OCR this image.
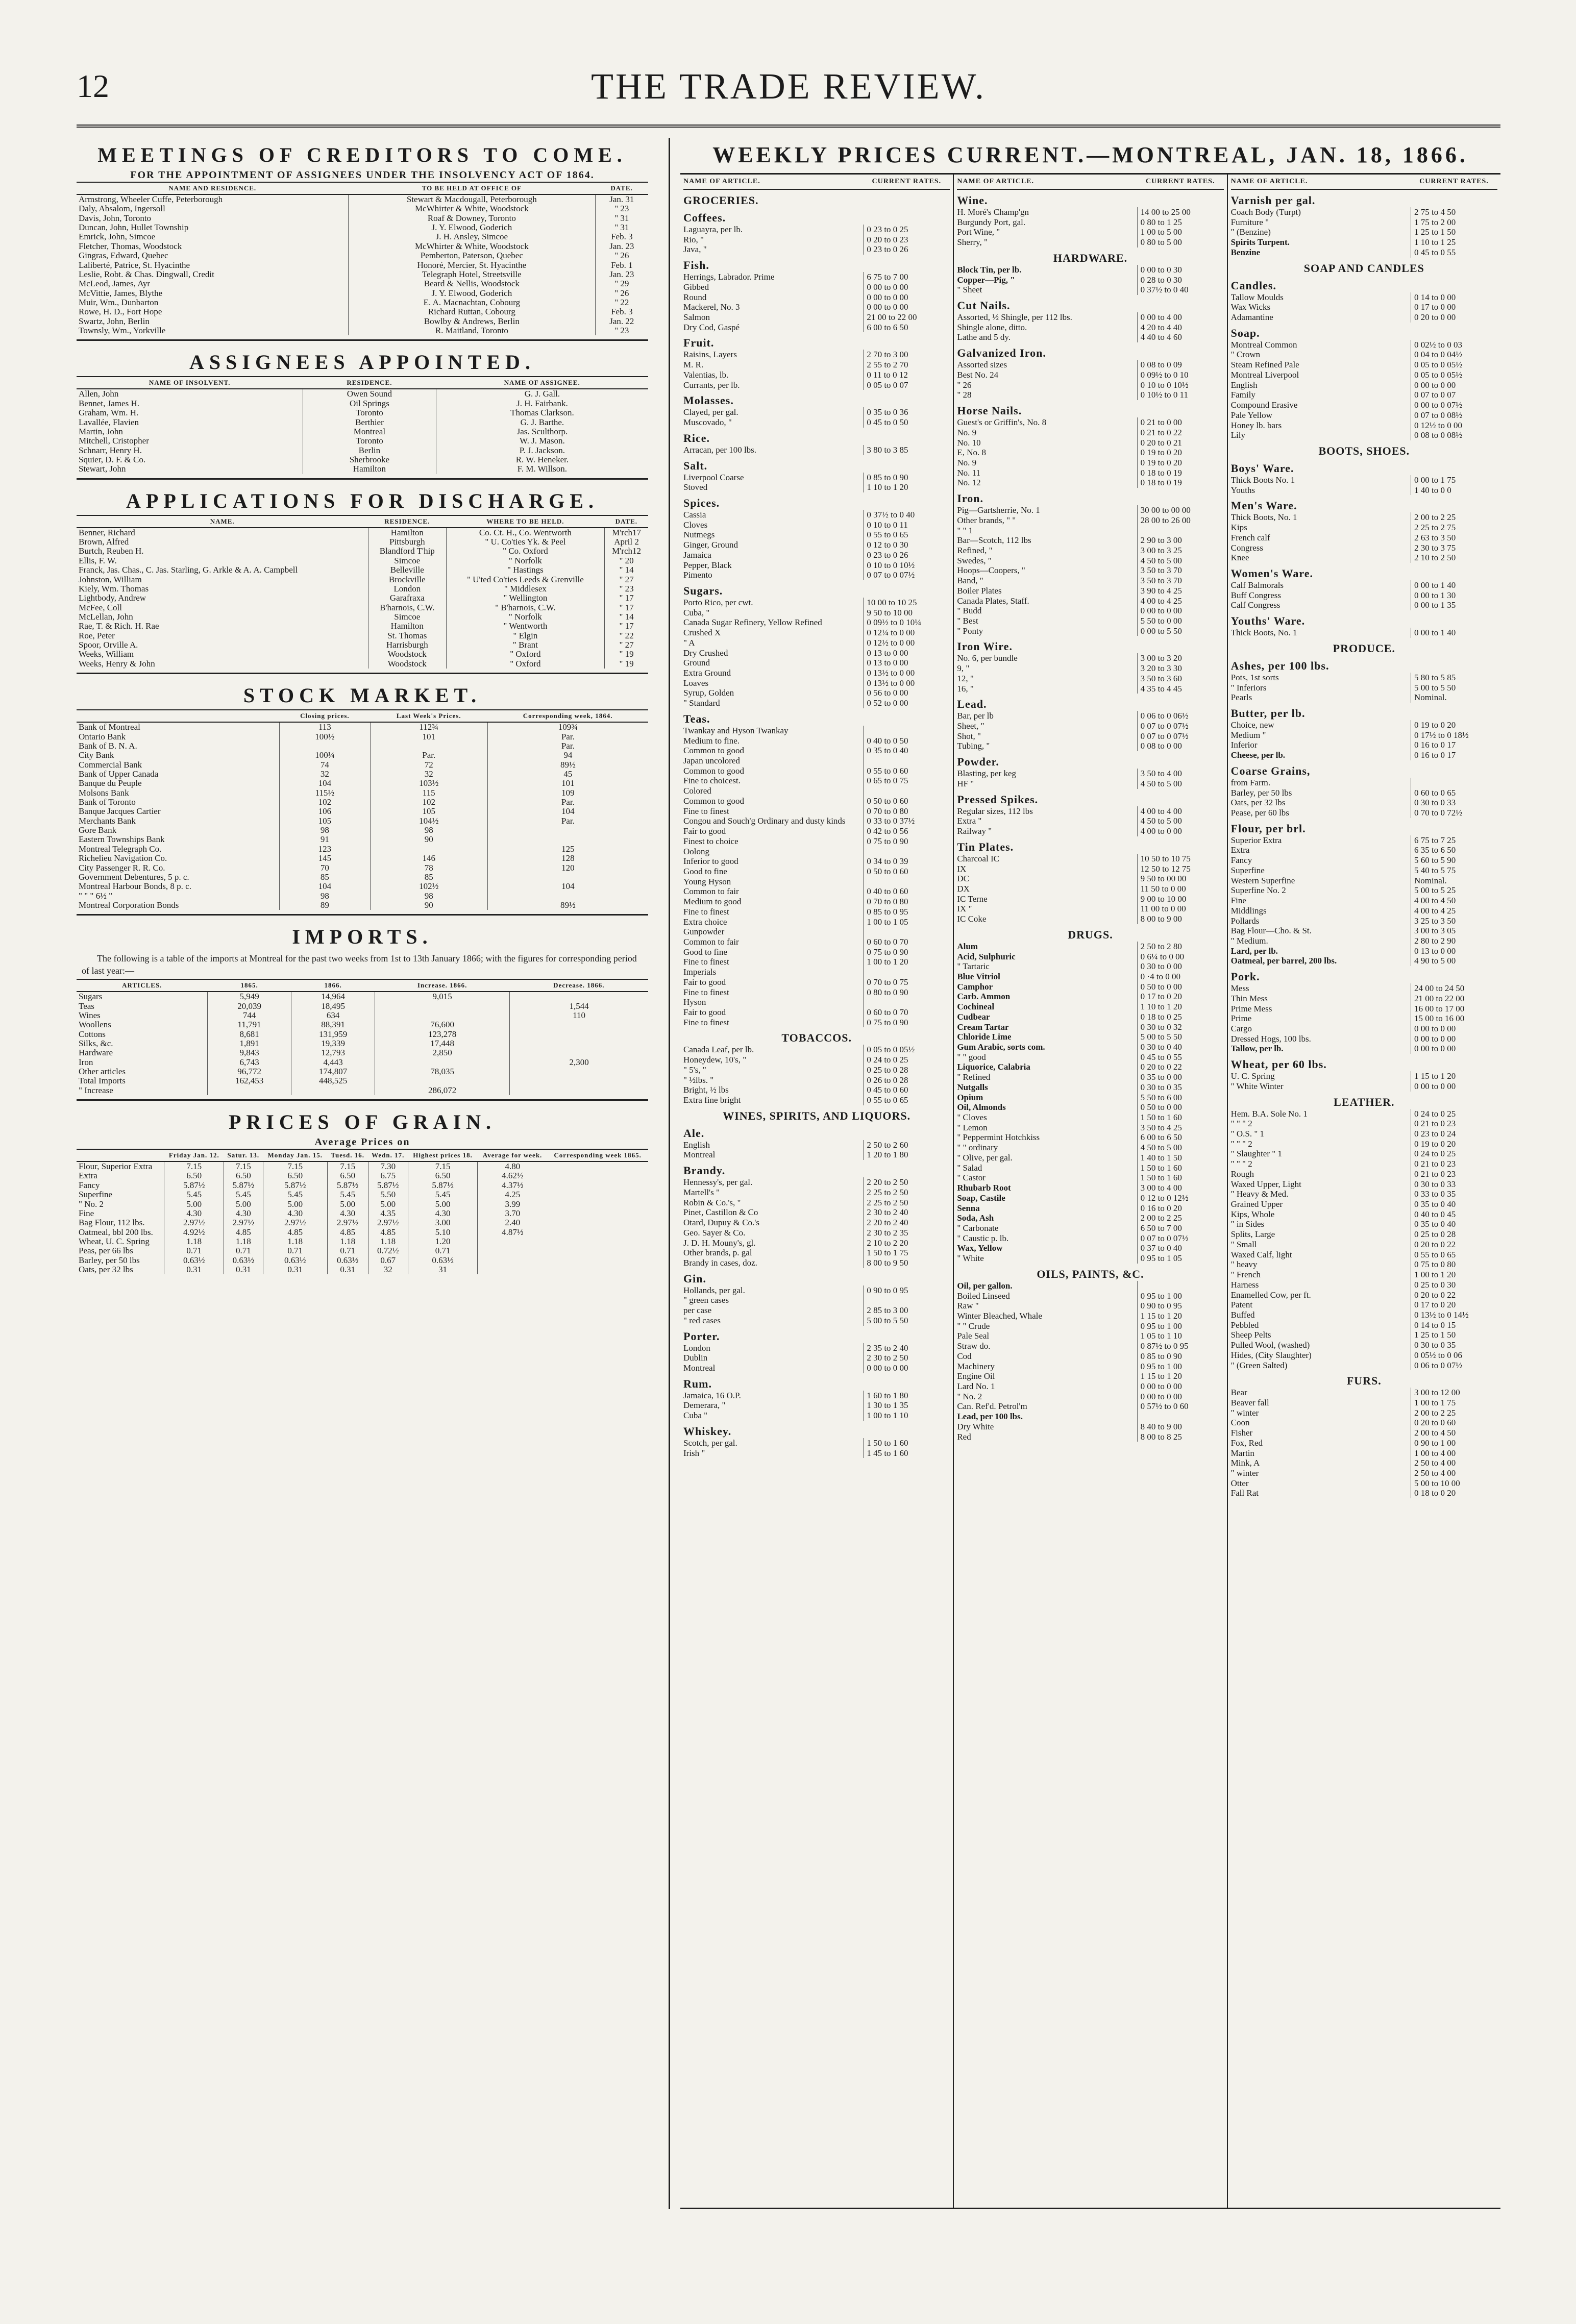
12	THE TRADE REVIEW.
MEETINGS OF CREDITORS TO COME.
FOR THE APPOINTMENT OF ASSIGNEES UNDER THE INSOLVENCY ACT OF 1864.
NAME AND RESIDENCE.	TO BE HELD AT OFFICE OF	DATE.
Armstrong, Wheeler Cuffe, Peterborough	Stewart & Macdougall, Peterborough	Jan. 31
Daly, Absalom, Ingersoll	McWhirter & White, Woodstock	" 23
Davis, John, Toronto	Roaf & Downey, Toronto	" 31
Duncan, John, Hullet Township	J. Y. Elwood, Goderich	" 31
Emrick, John, Simcoe	J. H. Ansley, Simcoe	Feb. 3
Fletcher, Thomas, Woodstock	McWhirter & White, Woodstock	Jan. 23
Gingras, Edward, Quebec	Pemberton, Paterson, Quebec	" 26
Laliberté, Patrice, St. Hyacinthe	Honoré, Mercier, St. Hyacinthe	Feb. 1
Leslie, Robt. & Chas. Dingwall, Credit	Telegraph Hotel, Streetsville	Jan. 23
McLeod, James, Ayr	Beard & Nellis, Woodstock	" 29
McVittie, James, Blythe	J. Y. Elwood, Goderich	" 26
Muir, Wm., Dunbarton	E. A. Macnachtan, Cobourg	" 22
Rowe, H. D., Fort Hope	Richard Ruttan, Cobourg	Feb. 3
Swartz, John, Berlin	Bowlby & Andrews, Berlin	Jan. 22
Townsly, Wm., Yorkville	R. Maitland, Toronto	" 23
ASSIGNEES APPOINTED.
NAME OF INSOLVENT.	RESIDENCE.	NAME OF ASSIGNEE.
Allen, John	Owen Sound	G. J. Gall.
Bennet, James H.	Oil Springs	J. H. Fairbank.
Graham, Wm. H.	Toronto	Thomas Clarkson.
Lavallée, Flavien	Berthier	G. J. Barthe.
Martin, John	Montreal	Jas. Sculthorp.
Mitchell, Cristopher	Toronto	W. J. Mason.
Schnarr, Henry H.	Berlin	P. J. Jackson.
Squier, D. F. & Co.	Sherbrooke	R. W. Heneker.
Stewart, John	Hamilton	F. M. Willson.
APPLICATIONS FOR DISCHARGE.
NAME.	RESIDENCE.	WHERE TO BE HELD.	DATE.
Benner, Richard	Hamilton	Co. Ct. H., Co. Wentworth	M'rch17
Brown, Alfred	Pittsburgh	" U. Co'ties Yk. & Peel	April 2
Burtch, Reuben H.	Blandford T'hip	" Co. Oxford	M'rch12
Ellis, F. W.	Simcoe	" Norfolk	" 20
Franck, Jas. Chas., C. Jas. Starling, G. Arkle & A. A. Campbell	Belleville	" Hastings	" 14
Johnston, William	Brockville	" U'ted Co'ties Leeds & Grenville	" 27
Kiely, Wm. Thomas	London	" Middlesex	" 23
Lightbody, Andrew	Garafraxa	" Wellington	" 17
McFee, Coll	B'harnois, C.W.	" B'harnois, C.W.	" 17
McLellan, John	Simcoe	" Norfolk	" 14
Rae, T. & Rich. H. Rae	Hamilton	" Wentworth	" 17
Roe, Peter	St. Thomas	" Elgin	" 22
Spoor, Orville A.	Harrisburgh	" Brant	" 27
Weeks, William	Woodstock	" Oxford	" 19
Weeks, Henry & John	Woodstock	" Oxford	" 19
STOCK MARKET.
	Closing prices.	Last Week's Prices.	Corresponding week, 1864.
Bank of Montreal	113	112¾	109¾
Ontario Bank	100½	101	Par.
Bank of B. N. A.			Par.
City Bank	100¼	Par.	94
Commercial Bank	74	72	89½
Bank of Upper Canada	32	32	45
Banque du Peuple	104	103½	101
Molsons Bank	115½	115	109
Bank of Toronto	102	102	Par.
Banque Jacques Cartier	106	105	104
Merchants Bank	105	104½	Par.
Gore Bank	98	98	
Eastern Townships Bank	91	90	
Montreal Telegraph Co.	123		125
Richelieu Navigation Co.	145	146	128
City Passenger R. R. Co.	70	78	120
Government Debentures, 5 p. c.	85	85	
Montreal Harbour Bonds, 8 p. c.	104	102½	104
" " " 6½ "	98	98	
Montreal Corporation Bonds	89	90	89½
IMPORTS.
The following is a table of the imports at Montreal for the past two weeks from 1st to 13th January 1866; with the figures for corresponding period of last year:—
ARTICLES.	1865.	1866.	Increase. 1866.	Decrease. 1866.
Sugars	5,949	14,964	9,015	
Teas	20,039	18,495		1,544
Wines	744	634		110
Woollens	11,791	88,391	76,600	
Cottons	8,681	131,959	123,278	
Silks, &c.	1,891	19,339	17,448	
Hardware	9,843	12,793	2,850	
Iron	6,743	4,443		2,300
Other articles	96,772	174,807	78,035	
Total Imports	162,453	448,525		
" Increase			286,072	
PRICES OF GRAIN.
Average Prices on
	Friday Jan. 12.	Satur. 13.	Monday Jan. 15.	Tuesd. 16.	Wedn. 17.	Highest prices 18.	Average for week.	Corresponding week 1865.
Flour, Superior Extra	7.15	7.15	7.15	7.15	7.30	7.15	4.80	
Extra	6.50	6.50	6.50	6.50	6.75	6.50	4.62½	
Fancy	5.87½	5.87½	5.87½	5.87½	5.87½	5.87½	4.37½	
Superfine	5.45	5.45	5.45	5.45	5.50	5.45	4.25	
" No. 2	5.00	5.00	5.00	5.00	5.00	5.00	3.99	
Fine	4.30	4.30	4.30	4.30	4.35	4.30	3.70	
Bag Flour, 112 lbs.	2.97½	2.97½	2.97½	2.97½	2.97½	3.00	2.40	
Oatmeal, bbl 200 lbs.	4.92½	4.85	4.85	4.85	4.85	5.10	4.87½	
Wheat, U. C. Spring	1.18	1.18	1.18	1.18	1.18	1.20		
Peas, per 66 lbs	0.71	0.71	0.71	0.71	0.72½	0.71		
Barley, per 50 lbs	0.63½	0.63½	0.63½	0.63½	0.67	0.63½		
Oats, per 32 lbs	0.31	0.31	0.31	0.31	32	31		
WEEKLY PRICES CURRENT.—MONTREAL, JAN. 18, 1866.
NAME OF ARTICLE.	CURRENT RATES.
GROCERIES.
Coffees.
Laguayra, per lb.	0 23 to 0 25
Rio, "	0 20 to 0 23
Java, "	0 23 to 0 26
Fish.
Herrings, Labrador. Prime	6 75 to 7 00
Gibbed	0 00 to 0 00
Round	0 00 to 0 00
Mackerel, No. 3	0 00 to 0 00
Salmon	21 00 to 22 00
Dry Cod, Gaspé	6 00 to 6 50
Fruit.
Raisins, Layers	2 70 to 3 00
M. R.	2 55 to 2 70
Valentias, lb.	0 11 to 0 12
Currants, per lb.	0 05 to 0 07
Molasses.
Clayed, per gal.	0 35 to 0 36
Muscovado, "	0 45 to 0 50
Rice.
Arracan, per 100 lbs.	3 80 to 3 85
Salt.
Liverpool Coarse	0 85 to 0 90
Stoved	1 10 to 1 20
Spices.
Cassia	0 37½ to 0 40
Cloves	0 10 to 0 11
Nutmegs	0 55 to 0 65
Ginger, Ground	0 12 to 0 30
Jamaica	0 23 to 0 26
Pepper, Black	0 10 to 0 10½
Pimento	0 07 to 0 07½
Sugars.
Porto Rico, per cwt.	10 00 to 10 25
Cuba, "	9 50 to 10 00
Canada Sugar Refinery, Yellow Refined	0 09½ to 0 10¼
Crushed X	0 12¼ to 0 00
" A	0 12½ to 0 00
Dry Crushed	0 13 to 0 00
Ground	0 13 to 0 00
Extra Ground	0 13½ to 0 00
Loaves	0 13½ to 0 00
Syrup, Golden	0 56 to 0 00
" Standard	0 52 to 0 00
Teas.
Twankay and Hyson Twankay
Medium to fine.	0 40 to 0 50
Common to good	0 35 to 0 40
Japan uncolored
Common to good	0 55 to 0 60
Fine to choicest.	0 65 to 0 75
Colored
Common to good	0 50 to 0 60
Fine to finest	0 70 to 0 80
Congou and Souch'g Ordinary and dusty kinds	0 33 to 0 37½
Fair to good	0 42 to 0 56
Finest to choice	0 75 to 0 90
Oolong
Inferior to good	0 34 to 0 39
Good to fine	0 50 to 0 60
Young Hyson
Common to fair	0 40 to 0 60
Medium to good	0 70 to 0 80
Fine to finest	0 85 to 0 95
Extra choice	1 00 to 1 05
Gunpowder
Common to fair	0 60 to 0 70
Good to fine	0 75 to 0 90
Fine to finest	1 00 to 1 20
Imperials
Fair to good	0 70 to 0 75
Fine to finest	0 80 to 0 90
Hyson
Fair to good	0 60 to 0 70
Fine to finest	0 75 to 0 90
TOBACCOS.
Canada Leaf, per lb.	0 05 to 0 05½
Honeydew, 10's, "	0 24 to 0 25
" 5's, "	0 25 to 0 28
" ½lbs. "	0 26 to 0 28
Bright, ½ lbs	0 45 to 0 60
Extra fine bright	0 55 to 0 65
WINES, SPIRITS, AND LIQUORS.
Ale.
English	2 50 to 2 60
Montreal	1 20 to 1 80
Brandy.
Hennessy's, per gal.	2 20 to 2 50
Martell's "	2 25 to 2 50
Robin & Co.'s, "	2 25 to 2 50
Pinet, Castillon & Co	2 30 to 2 40
Otard, Dupuy & Co.'s	2 20 to 2 40
Geo. Sayer & Co.	2 30 to 2 35
J. D. H. Mouny's, gl.	2 10 to 2 20
Other brands, p. gal	1 50 to 1 75
Brandy in cases, doz.	8 00 to 9 50
Gin.
Hollands, per gal.	0 90 to 0 95
" green cases
per case	2 85 to 3 00
" red cases	5 00 to 5 50
Porter.
London	2 35 to 2 40
Dublin	2 30 to 2 50
Montreal	0 00 to 0 00
Rum.
Jamaica, 16 O.P.	1 60 to 1 80
Demerara, "	1 30 to 1 35
Cuba "	1 00 to 1 10
Whiskey.
Scotch, per gal.	1 50 to 1 60
Irish "	1 45 to 1 60
NAME OF ARTICLE.	CURRENT RATES.
Wine.
H. Moré's Champ'gn	14 00 to 25 00
Burgundy Port, gal.	0 80 to 1 25
Port Wine, "	1 00 to 5 00
Sherry, "	0 80 to 5 00
HARDWARE.
Block Tin, per lb.	0 00 to 0 30
Copper—Pig, "	0 28 to 0 30
" Sheet	0 37½ to 0 40
Cut Nails.
Assorted, ½ Shingle, per 112 lbs.	0 00 to 4 00
Shingle alone, ditto.	4 20 to 4 40
Lathe and 5 dy.	4 40 to 4 60
Galvanized Iron.
Assorted sizes	0 08 to 0 09
Best No. 24	0 09½ to 0 10
" 26	0 10 to 0 10½
" 28	0 10½ to 0 11
Horse Nails.
Guest's or Griffin's, No. 8	0 21 to 0 00
No. 9	0 21 to 0 22
No. 10	0 20 to 0 21
E, No. 8	0 19 to 0 20
No. 9	0 19 to 0 20
No. 11	0 18 to 0 19
No. 12	0 18 to 0 19
Iron.
Pig—Gartsherrie, No. 1	30 00 to 00 00
Other brands, " "	28 00 to 26 00
" " 1
Bar—Scotch, 112 lbs	2 90 to 3 00
Refined, "	3 00 to 3 25
Swedes, "	4 50 to 5 00
Hoops—Coopers, "	3 50 to 3 70
Band, "	3 50 to 3 70
Boiler Plates	3 90 to 4 25
Canada Plates, Staff.	4 00 to 4 25
" Budd	0 00 to 0 00
" Best	5 50 to 0 00
" Ponty	0 00 to 5 50
Iron Wire.
No. 6, per bundle	3 00 to 3 20
9, "	3 20 to 3 30
12, "	3 50 to 3 60
16, "	4 35 to 4 45
Lead.
Bar, per lb	0 06 to 0 06½
Sheet, "	0 07 to 0 07½
Shot, "	0 07 to 0 07½
Tubing, "	0 08 to 0 00
Powder.
Blasting, per keg	3 50 to 4 00
HF "	4 50 to 5 00
Pressed Spikes.
Regular sizes, 112 lbs	4 00 to 4 00
Extra "	4 50 to 5 00
Railway "	4 00 to 0 00
Tin Plates.
Charcoal IC	10 50 to 10 75
IX	12 50 to 12 75
DC	9 50 to 00 00
DX	11 50 to 0 00
IC Terne	9 00 to 10 00
IX "	11 00 to 0 00
IC Coke	8 00 to 9 00
DRUGS.
Alum	2 50 to 2 80
Acid, Sulphuric	0 6¼ to 0 00
" Tartaric	0 30 to 0 00
Blue Vitriol	0 ·4 to 0 00
Camphor	0 50 to 0 00
Carb. Ammon	0 17 to 0 20
Cochineal	1 10 to 1 20
Cudbear	0 18 to 0 25
Cream Tartar	0 30 to 0 32
Chloride Lime	5 00 to 5 50
Gum Arabic, sorts com.	0 30 to 0 40
" " good	0 45 to 0 55
Liquorice, Calabria	0 20 to 0 22
" Refined	0 35 to 0 00
Nutgalls	0 30 to 0 35
Opium	5 50 to 6 00
Oil, Almonds	0 50 to 0 00
" Cloves	1 50 to 1 60
" Lemon	3 50 to 4 25
" Peppermint Hotchkiss	6 00 to 6 50
" " ordinary	4 50 to 5 00
" Olive, per gal.	1 40 to 1 50
" Salad	1 50 to 1 60
" Castor	1 50 to 1 60
Rhubarb Root	3 00 to 4 00
Soap, Castile	0 12 to 0 12½
Senna	0 16 to 0 20
Soda, Ash	2 00 to 2 25
" Carbonate	6 50 to 7 00
" Caustic p. lb.	0 07 to 0 07½
Wax, Yellow	0 37 to 0 40
" White	0 95 to 1 05
OILS, PAINTS, &C.
Oil, per gallon.
Boiled Linseed	0 95 to 1 00
Raw "	0 90 to 0 95
Winter Bleached, Whale	1 15 to 1 20
" " Crude	0 95 to 1 00
Pale Seal	1 05 to 1 10
Straw do.	0 87½ to 0 95
Cod	0 85 to 0 90
Machinery	0 95 to 1 00
Engine Oil	1 15 to 1 20
Lard No. 1	0 00 to 0 00
" No. 2	0 00 to 0 00
Can. Ref'd. Petrol'm	0 57½ to 0 60
Lead, per 100 lbs.
Dry White	8 40 to 9 00
Red	8 00 to 8 25
NAME OF ARTICLE.	CURRENT RATES.
Varnish per gal.
Coach Body (Turpt)	2 75 to 4 50
Furniture "	1 75 to 2 00
" (Benzine)	1 25 to 1 50
Spirits Turpent.	1 10 to 1 25
Benzine	0 45 to 0 55
SOAP AND CANDLES
Candles.
Tallow Moulds	0 14 to 0 00
Wax Wicks	0 17 to 0 00
Adamantine	0 20 to 0 00
Soap.
Montreal Common	0 02½ to 0 03
" Crown	0 04 to 0 04½
Steam Refined Pale	0 05 to 0 05½
Montreal Liverpool	0 05 to 0 05½
English	0 00 to 0 00
Family	0 07 to 0 07
Compound Erasive	0 00 to 0 07½
Pale Yellow	0 07 to 0 08½
Honey lb. bars	0 12½ to 0 00
Lily	0 08 to 0 08½
BOOTS, SHOES.
Boys' Ware.
Thick Boots No. 1	0 00 to 1 75
Youths	1 40 to 0 0
Men's Ware.
Thick Boots, No. 1	2 00 to 2 25
Kips	2 25 to 2 75
French calf	2 63 to 3 50
Congress	2 30 to 3 75
Knee	2 10 to 2 50
Women's Ware.
Calf Balmorals	0 00 to 1 40
Buff Congress	0 00 to 1 30
Calf Congress	0 00 to 1 35
Youths' Ware.
Thick Boots, No. 1	0 00 to 1 40
PRODUCE.
Ashes, per 100 lbs.
Pots, 1st sorts	5 80 to 5 85
" Inferiors	5 00 to 5 50
Pearls	Nominal.
Butter, per lb.
Choice, new	0 19 to 0 20
Medium "	0 17½ to 0 18½
Inferior	0 16 to 0 17
Cheese, per lb.	0 16 to 0 17
Coarse Grains,
from Farm.
Barley, per 50 lbs	0 60 to 0 65
Oats, per 32 lbs	0 30 to 0 33
Pease, per 60 lbs	0 70 to 0 72½
Flour, per brl.
Superior Extra	6 75 to 7 25
Extra	6 35 to 6 50
Fancy	5 60 to 5 90
Superfine	5 40 to 5 75
Western Superfine	Nominal.
Superfine No. 2	5 00 to 5 25
Fine	4 00 to 4 50
Middlings	4 00 to 4 25
Pollards	3 25 to 3 50
Bag Flour—Cho. & St.	3 00 to 3 05
" Medium.	2 80 to 2 90
Lard, per lb.	0 13 to 0 00
Oatmeal, per barrel, 200 lbs.	4 90 to 5 00
Pork.
Mess	24 00 to 24 50
Thin Mess	21 00 to 22 00
Prime Mess	16 00 to 17 00
Prime	15 00 to 16 00
Cargo	0 00 to 0 00
Dressed Hogs, 100 lbs.	0 00 to 0 00
Tallow, per lb.	0 00 to 0 00
Wheat, per 60 lbs.
U. C. Spring	1 15 to 1 20
" White Winter	0 00 to 0 00
LEATHER.
Hem. B.A. Sole No. 1	0 24 to 0 25
" " " 2	0 21 to 0 23
" O.S. " 1	0 23 to 0 24
" " " 2	0 19 to 0 20
" Slaughter " 1	0 24 to 0 25
" " " 2	0 21 to 0 23
Rough	0 21 to 0 23
Waxed Upper, Light	0 30 to 0 33
" Heavy & Med.	0 33 to 0 35
Grained Upper	0 35 to 0 40
Kips, Whole	0 40 to 0 45
" in Sides	0 35 to 0 40
Splits, Large	0 25 to 0 28
" Small	0 20 to 0 22
Waxed Calf, light	0 55 to 0 65
" heavy	0 75 to 0 80
" French	1 00 to 1 20
Harness	0 25 to 0 30
Enamelled Cow, per ft.	0 20 to 0 22
Patent	0 17 to 0 20
Buffed	0 13½ to 0 14½
Pebbled	0 14 to 0 15
Sheep Pelts	1 25 to 1 50
Pulled Wool, (washed)	0 30 to 0 35
Hides, (City Slaughter)	0 05½ to 0 06
" (Green Salted)	0 06 to 0 07½
FURS.
Bear	3 00 to 12 00
Beaver fall	1 00 to 1 75
" winter	2 00 to 2 25
Coon	0 20 to 0 60
Fisher	2 00 to 4 50
Fox, Red	0 90 to 1 00
Martin	1 00 to 4 00
Mink, A	2 50 to 4 00
" winter	2 50 to 4 00
Otter	5 00 to 10 00
Fall Rat	0 18 to 0 20
